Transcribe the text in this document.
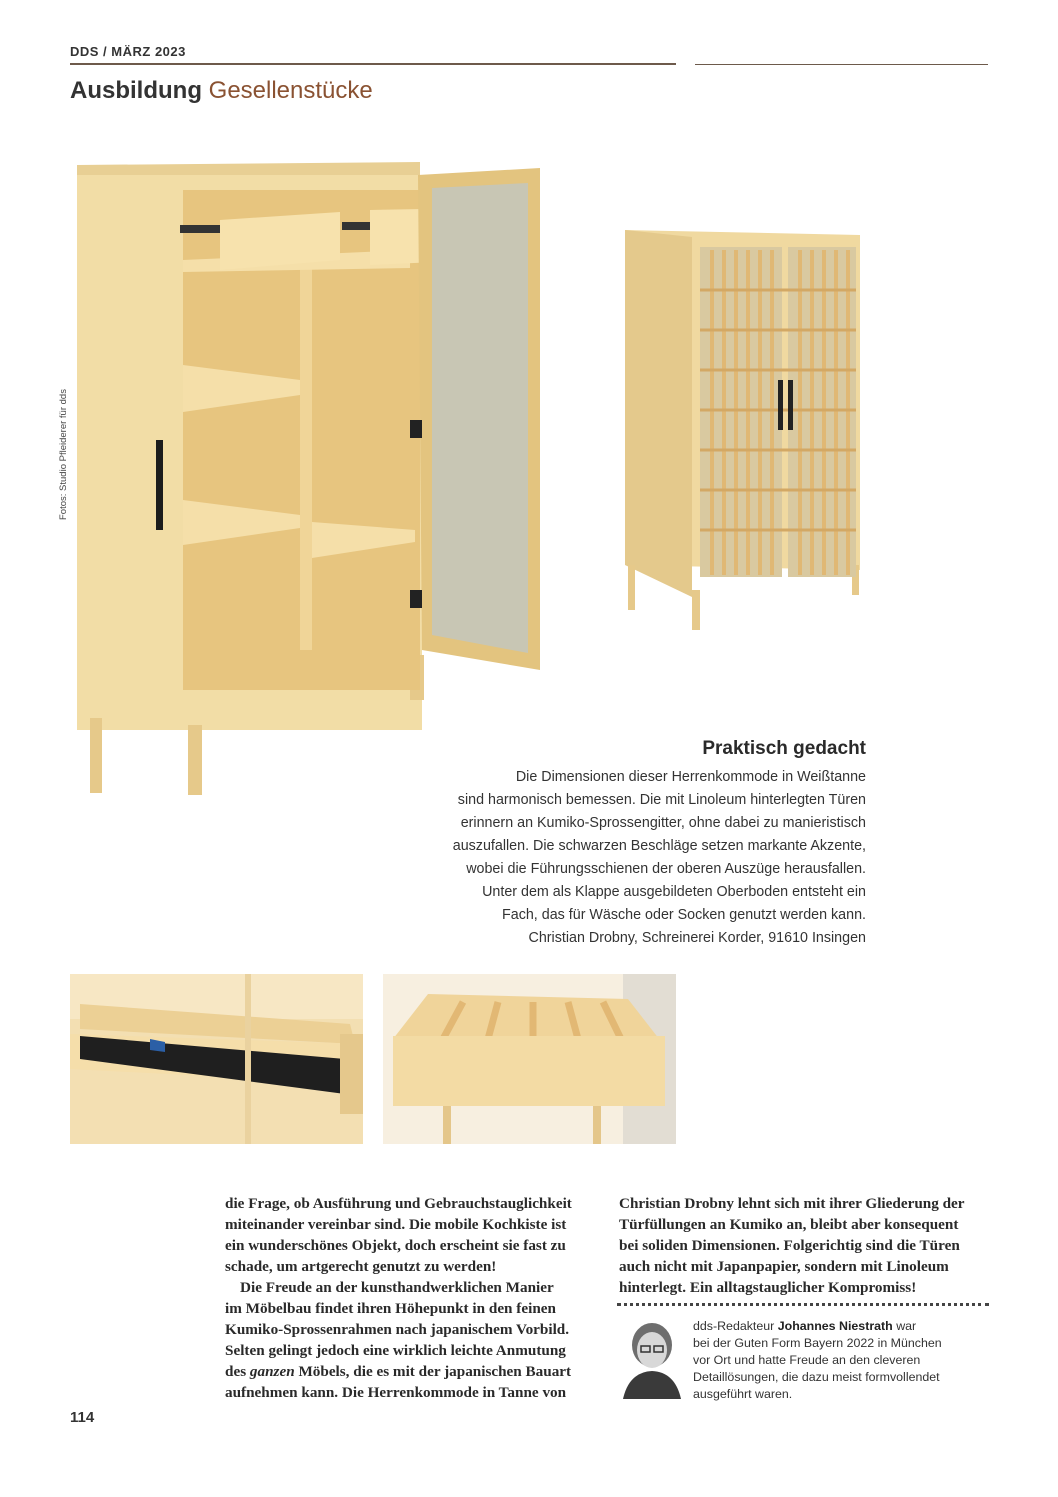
DDS / MÄRZ 2023
Ausbildung Gesellenstücke
Fotos: Studio Pfleiderer für dds
Praktisch gedacht
Die Dimensionen dieser Herrenkommode in Weißtanne
sind harmonisch bemessen. Die mit Linoleum hinterlegten Türen
erinnern an Kumiko-Sprossengitter, ohne dabei zu manieristisch
auszufallen. Die schwarzen Beschläge setzen markante Akzente,
wobei die Führungsschienen der oberen Auszüge herausfallen.
Unter dem als Klappe ausgebildeten Oberboden entsteht ein
Fach, das für Wäsche oder Socken genutzt werden kann.
Christian Drobny, Schreinerei Korder, 91610 Insingen
die Frage, ob Ausführung und Gebrauchstauglichkeit
miteinander vereinbar sind. Die mobile Kochkiste ist
ein wunderschönes Objekt, doch erscheint sie fast zu
schade, um artgerecht genutzt zu werden!
Die Freude an der kunsthandwerklichen Manier
im Möbelbau findet ihren Höhepunkt in den feinen
Kumiko-Sprossenrahmen nach japanischem Vorbild.
Selten gelingt jedoch eine wirklich leichte Anmutung
des ganzen Möbels, die es mit der japanischen Bauart
aufnehmen kann. Die Herrenkommode in Tanne von
Christian Drobny lehnt sich mit ihrer Gliederung der
Türfüllungen an Kumiko an, bleibt aber konsequent
bei soliden Dimensionen. Folgerichtig sind die Türen
auch nicht mit Japanpapier, sondern mit Linoleum
hinterlegt. Ein alltagstauglicher Kompromiss!
dds-Redakteur Johannes Niestrath war
bei der Guten Form Bayern 2022 in München
vor Ort und hatte Freude an den cleveren
Detaillösungen, die dazu meist formvollendet
ausgeführt waren.
114
